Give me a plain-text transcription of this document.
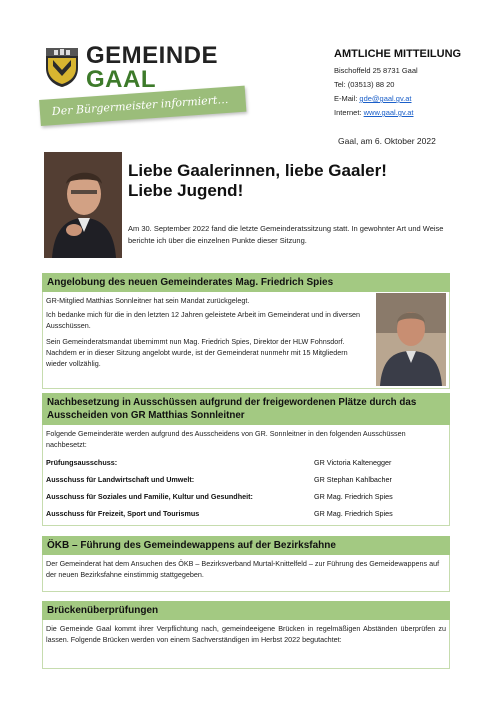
GEMEINDE
GAAL
Der Bürgermeister informiert…
AMTLICHE MITTEILUNG
Bischoffeld 25 8731 Gaal
Tel: (03513) 88 20
E-Mail: gde@gaal.gv.at
Internet: www.gaal.gv.at
Gaal, am 6. Oktober 2022
Liebe Gaalerinnen, liebe Gaaler!
Liebe Jugend!
Am 30. September 2022 fand die letzte Gemeinderatssitzung statt. In gewohnter Art und Weise berichte ich über die einzelnen Punkte dieser Sitzung.
Angelobung des neuen Gemeinderates Mag. Friedrich Spies
GR-Mitglied Matthias Sonnleitner hat sein Mandat zurückgelegt.
Ich bedanke mich für die in den letzten 12 Jahren geleistete Arbeit im Gemeinderat und in diversen Ausschüssen.
Sein Gemeinderatsmandat übernimmt nun Mag. Friedrich Spies, Direktor der HLW Fohnsdorf. Nachdem er in dieser Sitzung angelobt wurde, ist der Gemeinderat nunmehr mit 15 Mitgliedern wieder vollzählig.
Nachbesetzung in Ausschüssen aufgrund der freigewordenen Plätze durch das Ausscheiden von GR Matthias Sonnleitner
Folgende Gemeinderäte werden aufgrund des Ausscheidens von GR. Sonnleitner in den folgenden Ausschüssen nachbesetzt:
Prüfungsausschuss:	GR Victoria Kaltenegger
Ausschuss für Landwirtschaft und Umwelt:	GR Stephan Kahlbacher
Ausschuss für Soziales und Familie, Kultur und Gesundheit:	GR Mag. Friedrich Spies
Ausschuss für Freizeit, Sport und Tourismus	GR Mag. Friedrich Spies
ÖKB – Führung des Gemeindewappens auf der Bezirksfahne
Der Gemeinderat hat dem Ansuchen des ÖKB – Bezirksverband Murtal-Knittelfeld – zur Führung des Gemeidewappens auf der neuen Bezirksfahne einstimmig stattgegeben.
Brückenüberprüfungen
Die Gemeinde Gaal kommt ihrer Verpflichtung nach, gemeindeeigene Brücken in regelmäßigen Abständen überprüfen zu lassen. Folgende Brücken werden von einem Sachverständigen im Herbst 2022 begutachtet:
